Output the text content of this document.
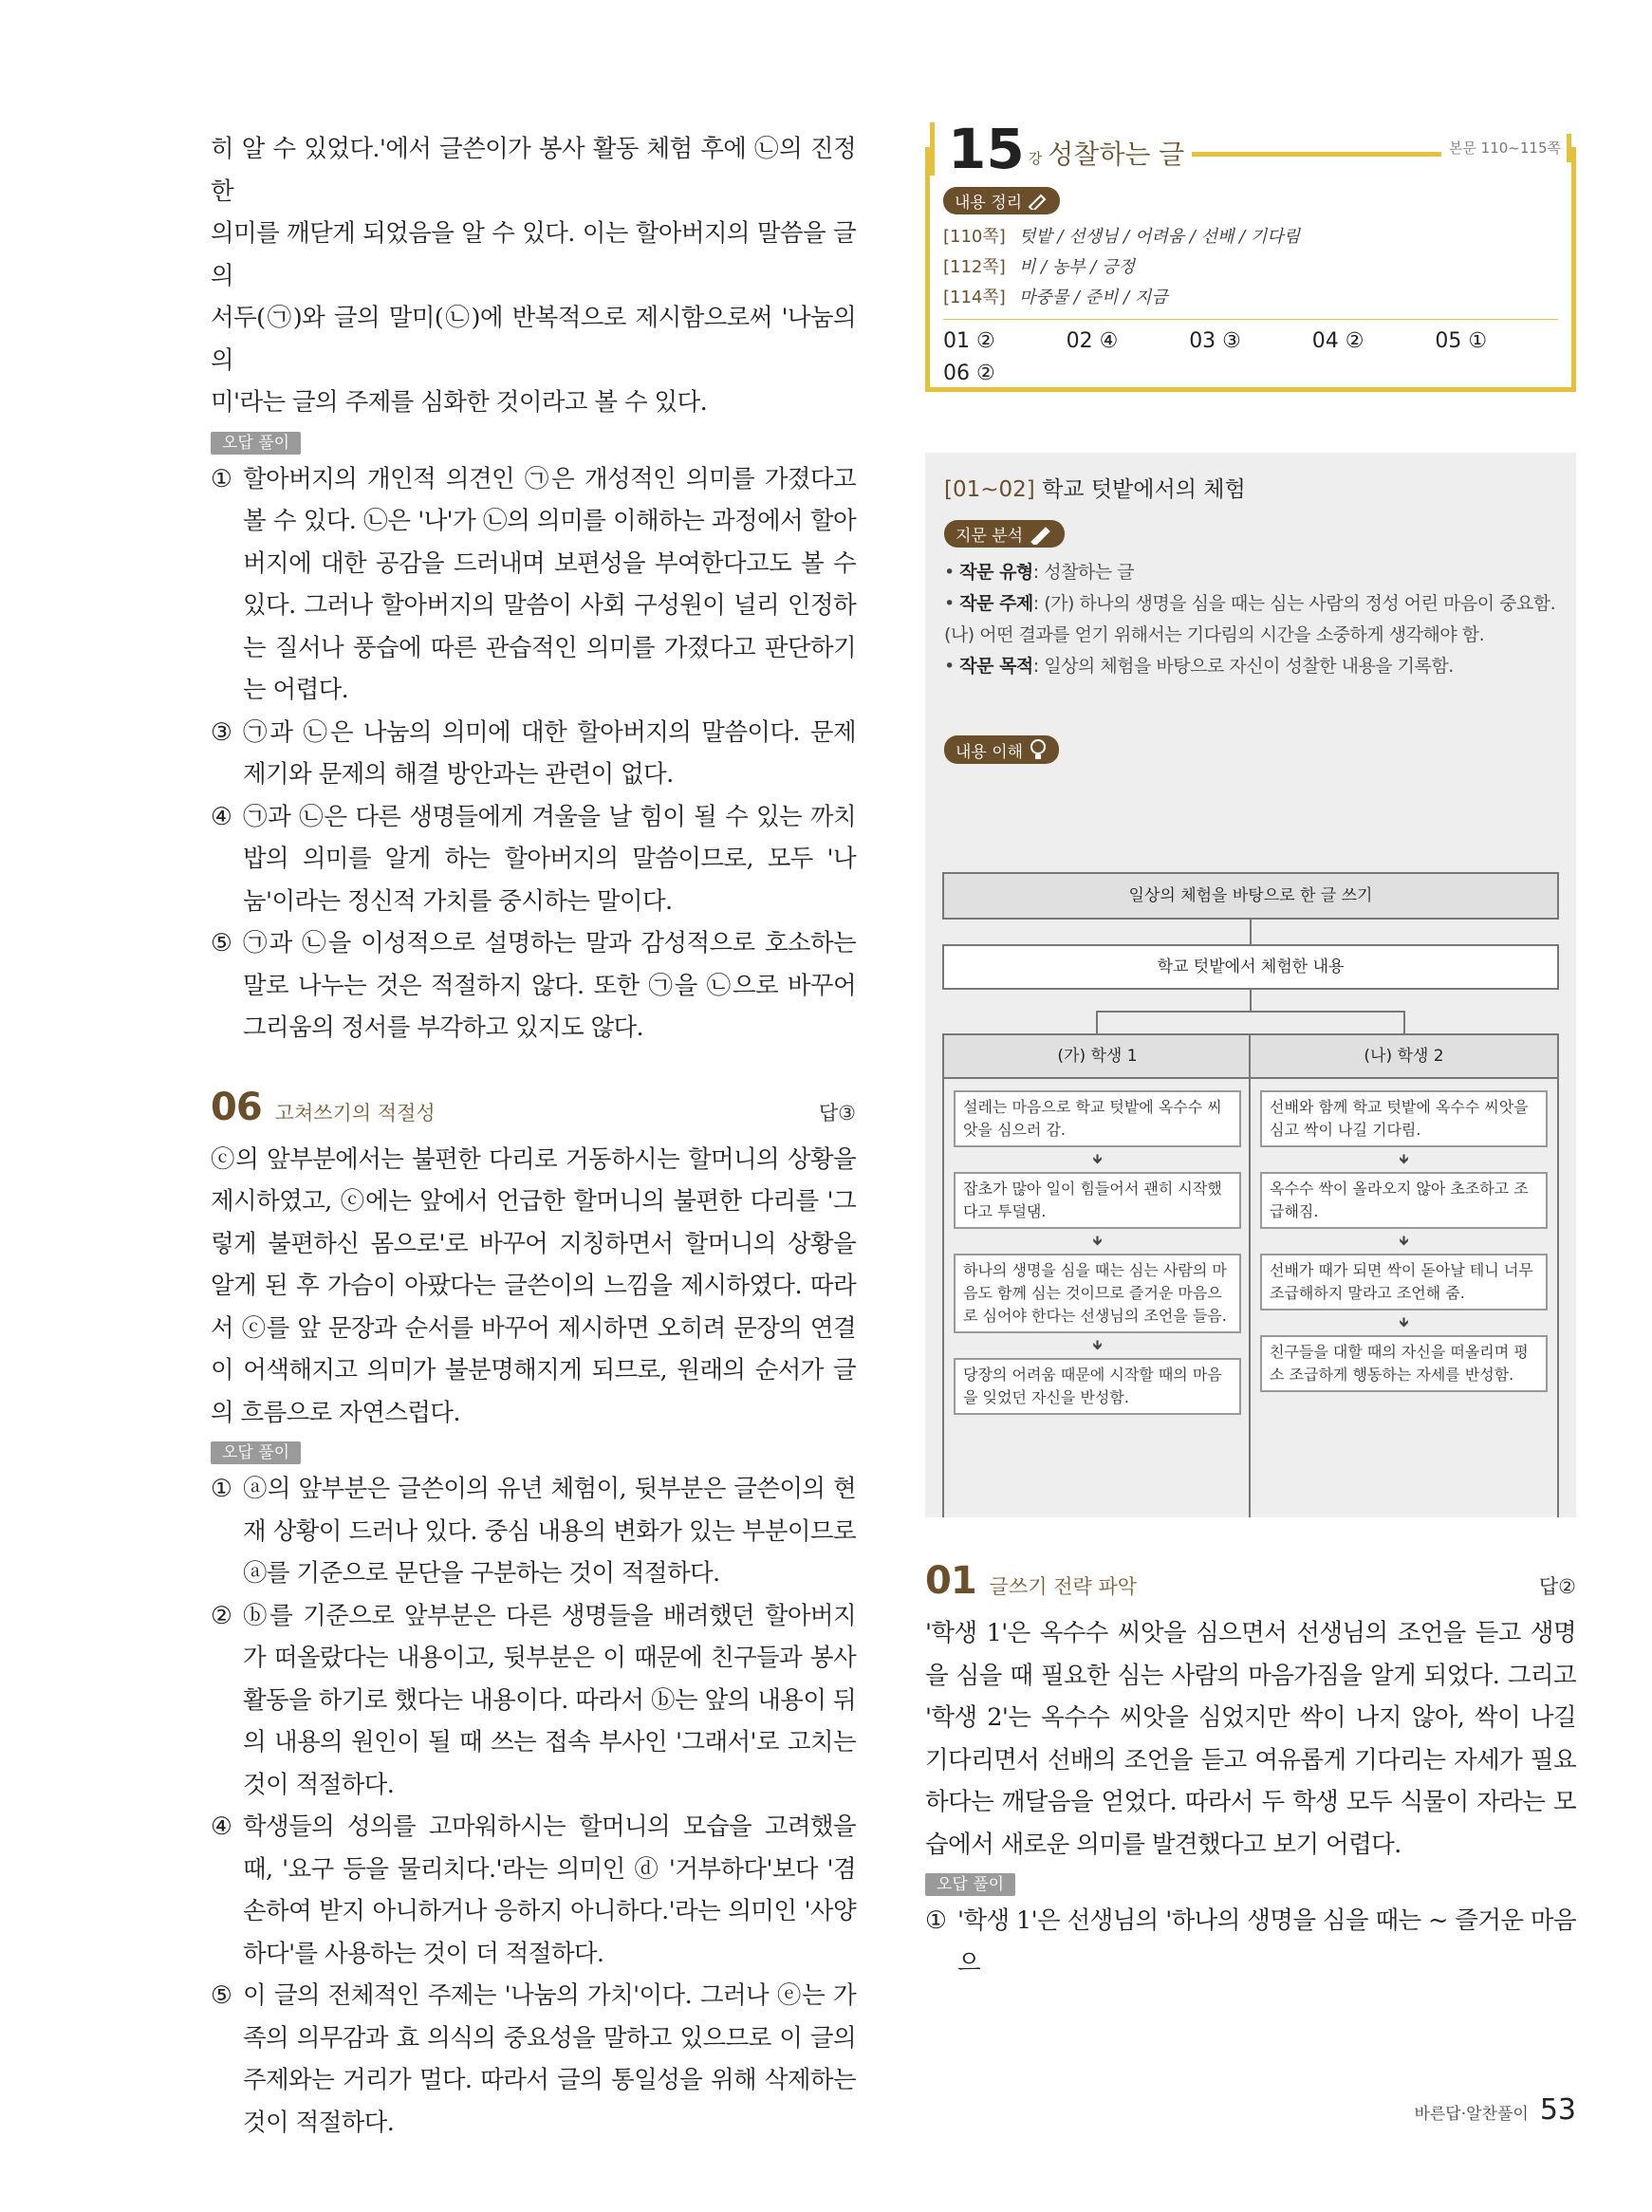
히 알 수 있었다.'에서 글쓴이가 봉사 활동 체험 후에 ㉡의 진정한

의미를 깨닫게 되었음을 알 수 있다. 이는 할아버지의 말씀을 글의

서두(㉠)와 글의 말미(㉡)에 반복적으로 제시함으로써 '나눔의 의

미'라는 글의 주제를 심화한 것이라고 볼 수 있다.

오답 풀이
① 할아버지의 개인적 의견인 ㉠은 개성적인 의미를 가졌다고 볼 수 있다. ㉡은 '나'가 ㉡의 의미를 이해하는 과정에서 할아버지에 대한 공감을 드러내며 보편성을 부여한다고도 볼 수 있다. 그러나 할아버지의 말씀이 사회 구성원이 널리 인정하는 질서나 풍습에 따른 관습적인 의미를 가졌다고 판단하기는 어렵다.
③ ㉠과 ㉡은 나눔의 의미에 대한 할아버지의 말씀이다. 문제 제기와 문제의 해결 방안과는 관련이 없다.
④ ㉠과 ㉡은 다른 생명들에게 겨울을 날 힘이 될 수 있는 까치밥의 의미를 알게 하는 할아버지의 말씀이므로, 모두 '나눔'이라는 정신적 가치를 중시하는 말이다.
⑤ ㉠과 ㉡을 이성적으로 설명하는 말과 감성적으로 호소하는 말로 나누는 것은 적절하지 않다. 또한 ㉠을 ㉡으로 바꾸어 그리움의 정서를 부각하고 있지도 않다.
06 고쳐쓰기의 적절성	답③

ⓒ의 앞부분에서는 불편한 다리로 거동하시는 할머니의 상황을 제시하였고, ⓒ에는 앞에서 언급한 할머니의 불편한 다리를 '그렇게 불편하신 몸으로'로 바꾸어 지칭하면서 할머니의 상황을 알게 된 후 가슴이 아팠다는 글쓴이의 느낌을 제시하였다. 따라서 ⓒ를 앞 문장과 순서를 바꾸어 제시하면 오히려 문장의 연결이 어색해지고 의미가 불분명해지게 되므로, 원래의 순서가 글의 흐름으로 자연스럽다.

오답 풀이
① ⓐ의 앞부분은 글쓴이의 유년 체험이, 뒷부분은 글쓴이의 현재 상황이 드러나 있다. 중심 내용의 변화가 있는 부분이므로 ⓐ를 기준으로 문단을 구분하는 것이 적절하다.
② ⓑ를 기준으로 앞부분은 다른 생명들을 배려했던 할아버지가 떠올랐다는 내용이고, 뒷부분은 이 때문에 친구들과 봉사 활동을 하기로 했다는 내용이다. 따라서 ⓑ는 앞의 내용이 뒤의 내용의 원인이 될 때 쓰는 접속 부사인 '그래서'로 고치는 것이 적절하다.
④ 학생들의 성의를 고마워하시는 할머니의 모습을 고려했을 때, '요구 등을 물리치다.'라는 의미인 ⓓ '거부하다'보다 '겸손하여 받지 아니하거나 응하지 아니하다.'라는 의미인 '사양하다'를 사용하는 것이 더 적절하다.
⑤ 이 글의 전체적인 주제는 '나눔의 가치'이다. 그러나 ⓔ는 가족의 의무감과 효 의식의 중요성을 말하고 있으므로 이 글의 주제와는 거리가 멀다. 따라서 글의 통일성을 위해 삭제하는 것이 적절하다.
15 강 성찰하는 글	본문 110~115쪽
내용 정리
[110쪽] 텃밭 / 선생님 / 어려움 / 선배 / 기다림
[112쪽] 비 / 농부 / 긍정
[114쪽] 마중물 / 준비 / 지금
01 ②	02 ④	03 ③	04 ②	05 ①
06 ②
[01~02] 학교 텃밭에서의 체험
지문 분석
• 작문 유형: 성찰하는 글
• 작문 주제: (가) 하나의 생명을 심을 때는 심는 사람의 정성 어린 마음이 중요함.
(나) 어떤 결과를 얻기 위해서는 기다림의 시간을 소중하게 생각해야 함.
• 작문 목적: 일상의 체험을 바탕으로 자신이 성찰한 내용을 기록함.
내용 이해
일상의 체험을 바탕으로 한 글 쓰기
학교 텃밭에서 체험한 내용
(가) 학생 1
설레는 마음으로 학교 텃밭에 옥수수 씨앗을 심으러 감.
🡻
잡초가 많아 일이 힘들어서 괜히 시작했다고 투덜댐.
🡻
하나의 생명을 심을 때는 심는 사람의 마음도 함께 심는 것이므로 즐거운 마음으로 심어야 한다는 선생님의 조언을 들음.
🡻
당장의 어려움 때문에 시작할 때의 마음을 잊었던 자신을 반성함.
(나) 학생 2
선배와 함께 학교 텃밭에 옥수수 씨앗을 심고 싹이 나길 기다림.
🡻
옥수수 싹이 올라오지 않아 초조하고 조급해짐.
🡻
선배가 때가 되면 싹이 돋아날 테니 너무 조급해하지 말라고 조언해 줌.
🡻
친구들을 대할 때의 자신을 떠올리며 평소 조급하게 행동하는 자세를 반성함.
01 글쓰기 전략 파악	답②

'학생 1'은 옥수수 씨앗을 심으면서 선생님의 조언을 듣고 생명을 심을 때 필요한 심는 사람의 마음가짐을 알게 되었다. 그리고 '학생 2'는 옥수수 씨앗을 심었지만 싹이 나지 않아, 싹이 나길 기다리면서 선배의 조언을 듣고 여유롭게 기다리는 자세가 필요하다는 깨달음을 얻었다. 따라서 두 학생 모두 식물이 자라는 모습에서 새로운 의미를 발견했다고 보기 어렵다.

오답 풀이
① '학생 1'은 선생님의 '하나의 생명을 심을 때는 ~ 즐거운 마음으
바른답·알찬풀이 53
